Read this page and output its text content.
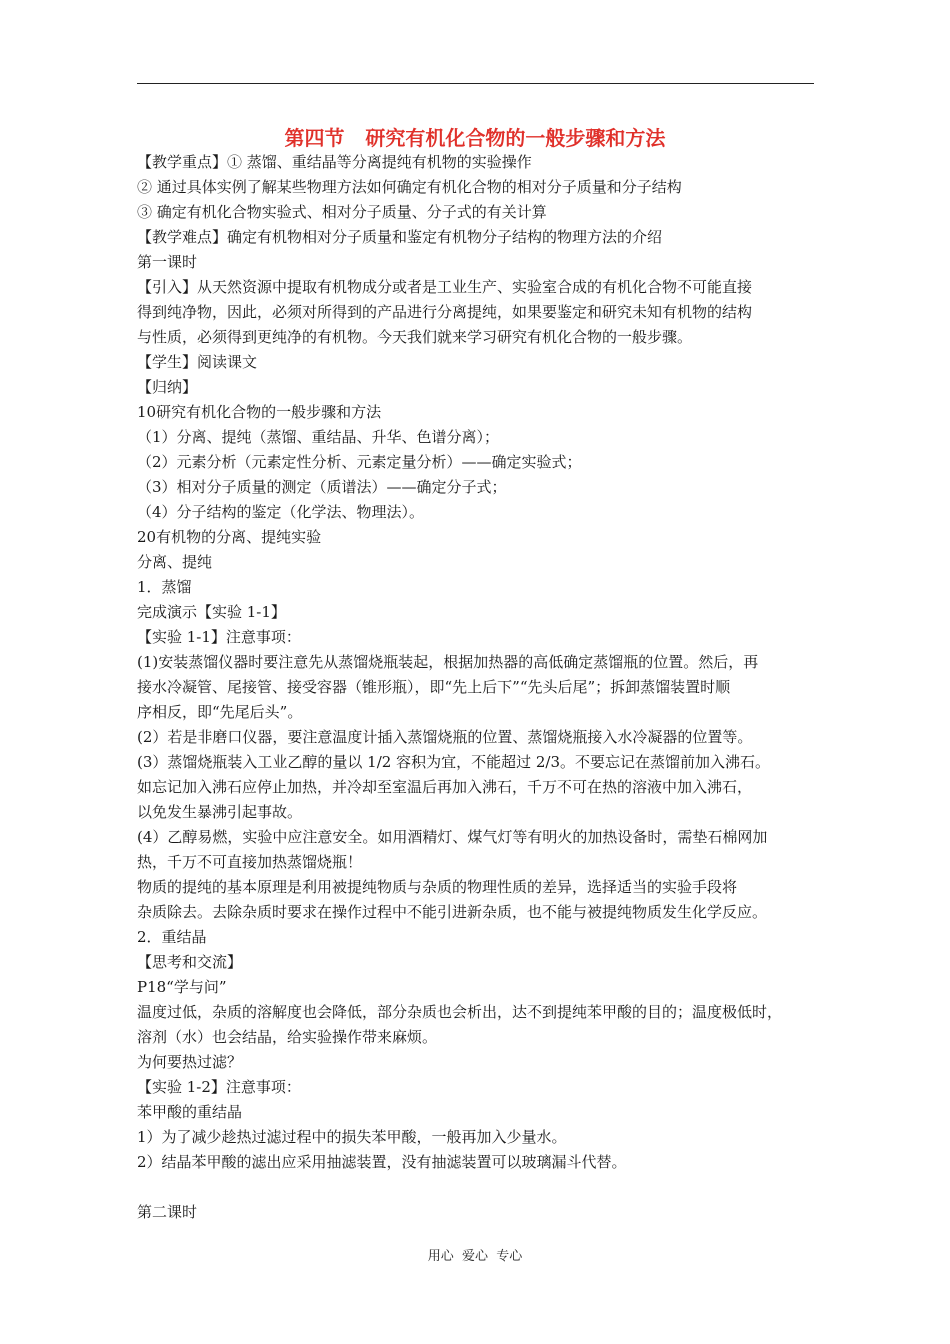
第四节   研究有机化合物的一般步骤和方法
【教学重点】① 蒸馏、重结晶等分离提纯有机物的实验操作
② 通过具体实例了解某些物理方法如何确定有机化合物的相对分子质量和分子结构
③ 确定有机化合物实验式、相对分子质量、分子式的有关计算
【教学难点】确定有机物相对分子质量和鉴定有机物分子结构的物理方法的介绍
第一课时
【引入】从天然资源中提取有机物成分或者是工业生产、实验室合成的有机化合物不可能直接
得到纯净物，因此，必须对所得到的产品进行分离提纯，如果要鉴定和研究未知有机物的结构
与性质，必须得到更纯净的有机物。今天我们就来学习研究有机化合物的一般步骤。
【学生】阅读课文
【归纳】
10研究有机化合物的一般步骤和方法
（1）分离、提纯（蒸馏、重结晶、升华、色谱分离）；
（2）元素分析（元素定性分析、元素定量分析）——确定实验式；
（3）相对分子质量的测定（质谱法）——确定分子式；
（4）分子结构的鉴定（化学法、物理法）。
20有机物的分离、提纯实验
分离、提纯
1．蒸馏
完成演示【实验 1-1】
【实验 1-1】注意事项：
(1)安装蒸馏仪器时要注意先从蒸馏烧瓶装起，根据加热器的高低确定蒸馏瓶的位置。然后，再
接水冷凝管、尾接管、接受容器（锥形瓶），即“先上后下”“先头后尾”；拆卸蒸馏装置时顺
序相反，即“先尾后头”。
(2）若是非磨口仪器，要注意温度计插入蒸馏烧瓶的位置、蒸馏烧瓶接入水冷凝器的位置等。
(3）蒸馏烧瓶装入工业乙醇的量以 1/2 容积为宜，不能超过 2/3。不要忘记在蒸馏前加入沸石。
如忘记加入沸石应停止加热，并冷却至室温后再加入沸石，千万不可在热的溶液中加入沸石，
以免发生暴沸引起事故。
(4）乙醇易燃，实验中应注意安全。如用酒精灯、煤气灯等有明火的加热设备时，需垫石棉网加
热，千万不可直接加热蒸馏烧瓶！
物质的提纯的基本原理是利用被提纯物质与杂质的物理性质的差异，选择适当的实验手段将
杂质除去。去除杂质时要求在操作过程中不能引进新杂质，也不能与被提纯物质发生化学反应。
2．重结晶
【思考和交流】
P18“学与问”
温度过低，杂质的溶解度也会降低，部分杂质也会析出，达不到提纯苯甲酸的目的；温度极低时，
溶剂（水）也会结晶，给实验操作带来麻烦。
为何要热过滤？
【实验 1-2】注意事项：
苯甲酸的重结晶
1）为了减少趁热过滤过程中的损失苯甲酸，一般再加入少量水。
2）结晶苯甲酸的滤出应采用抽滤装置，没有抽滤装置可以玻璃漏斗代替。
第二课时
用心  爱心  专心
